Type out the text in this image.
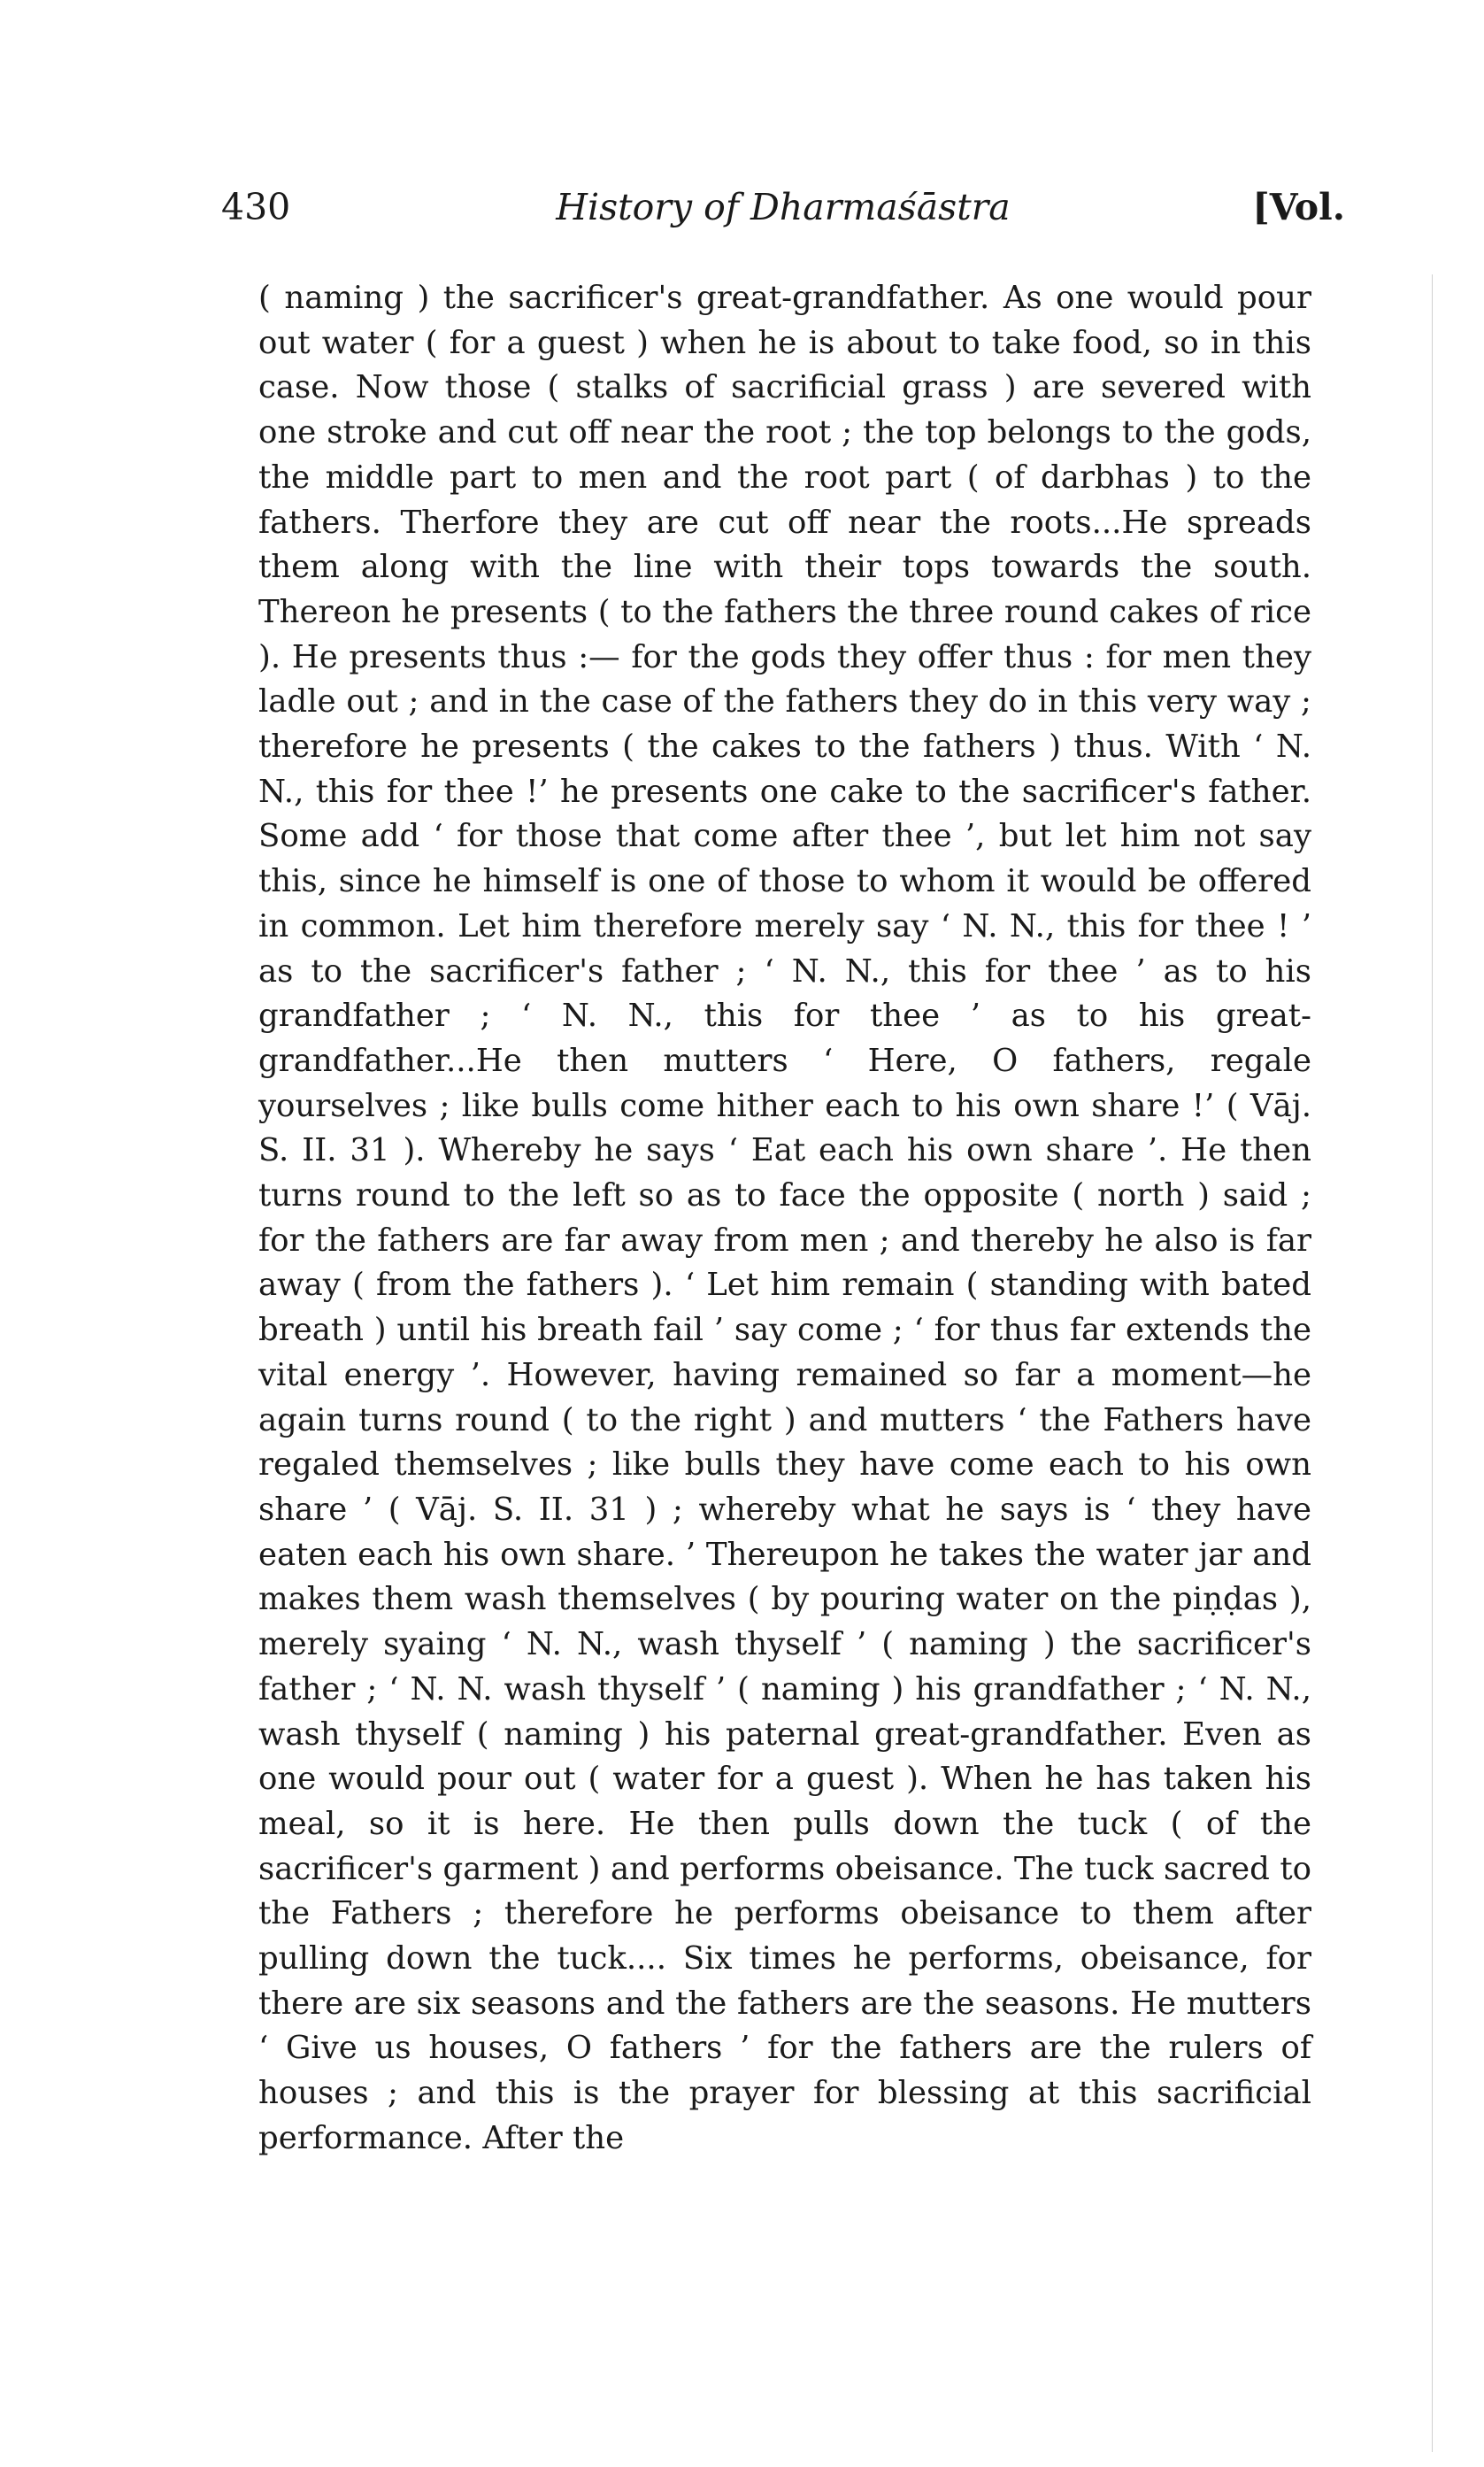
430	History of Dharmaśāstra	[Vol.

( naming ) the sacrificer's great-grandfather. As one would pour out water ( for a guest ) when he is about to take food, so in this case. Now those ( stalks of sacrificial grass ) are severed with one stroke and cut off near the root ; the top belongs to the gods, the middle part to men and the root part ( of darbhas ) to the fathers. Therfore they are cut off near the roots...He spreads them along with the line with their tops towards the south. Thereon he presents ( to the fathers the three round cakes of rice ). He presents thus :— for the gods they offer thus : for men they ladle out ; and in the case of the fathers they do in this very way ; therefore he presents ( the cakes to the fathers ) thus. With ‘ N. N., this for thee !’ he presents one cake to the sacrificer's father. Some add ‘ for those that come after thee ’, but let him not say this, since he himself is one of those to whom it would be offered in common. Let him therefore merely say ‘ N. N., this for thee ! ’ as to the sacrificer's father ; ‘ N. N., this for thee ’ as to his grandfather ; ‘ N. N., this for thee ’ as to his great-grandfather...He then mutters ‘ Here, O fathers, regale yourselves ; like bulls come hither each to his own share !’ ( Vāj. S. II. 31 ). Whereby he says ‘ Eat each his own share ’. He then turns round to the left so as to face the opposite ( north ) said ; for the fathers are far away from men ; and thereby he also is far away ( from the fathers ). ‘ Let him remain ( standing with bated breath ) until his breath fail ’ say come ; ‘ for thus far extends the vital energy ’. However, having remained so far a moment—he again turns round ( to the right ) and mutters ‘ the Fathers have regaled themselves ; like bulls they have come each to his own share ’ ( Vāj. S. II. 31 ) ; whereby what he says is ‘ they have eaten each his own share. ’ Thereupon he takes the water jar and makes them wash themselves ( by pouring water on the piṇḍas ), merely syaing ‘ N. N., wash thyself ’ ( naming ) the sacrificer's father ; ‘ N. N. wash thyself ’ ( naming ) his grandfather ; ‘ N. N., wash thyself ( naming ) his paternal great-grandfather. Even as one would pour out ( water for a guest ). When he has taken his meal, so it is here. He then pulls down the tuck ( of the sacrificer's garment ) and performs obeisance. The tuck sacred to the Fathers ; therefore he performs obeisance to them after pulling down the tuck.... Six times he performs, obeisance, for there are six seasons and the fathers are the seasons. He mutters ‘ Give us houses, O fathers ’ for the fathers are the rulers of houses ; and this is the prayer for blessing at this sacrificial performance. After the
